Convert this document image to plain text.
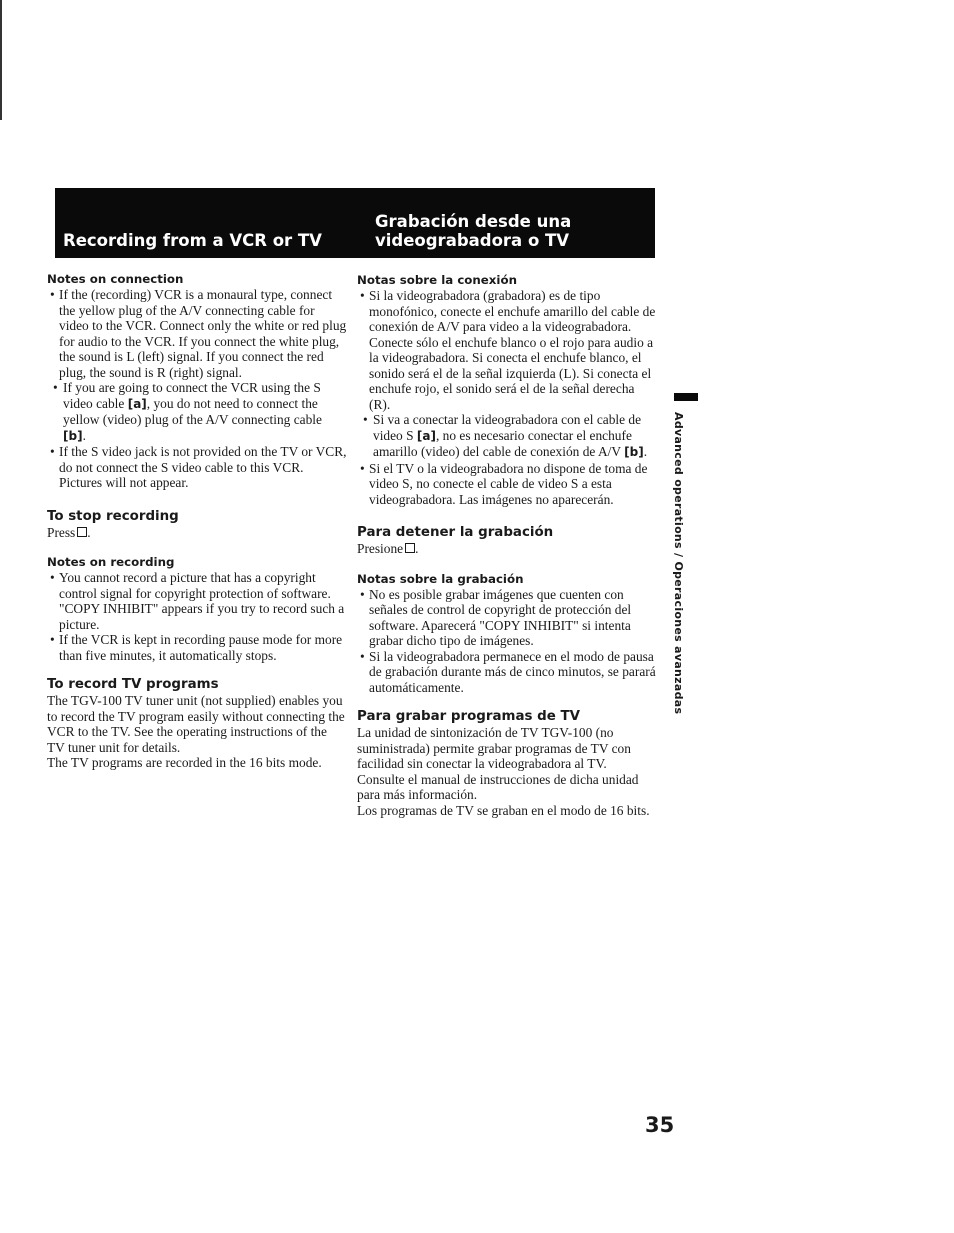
Recording from a VCR or TV
Grabación desde una
videograbadora o TV
Notes on connection
• If the (recording) VCR is a monaural type, connect the yellow plug of the A/V connecting cable for video to the VCR. Connect only the white or red plug for audio to the VCR. If you connect the white plug, the sound is L (left) signal. If you connect the red plug, the sound is R (right) signal.
• If you are going to connect the VCR using the S video cable [a], you do not need to connect the yellow (video) plug of the A/V connecting cable [b].
• If the S video jack is not provided on the TV or VCR, do not connect the S video cable to this VCR. Pictures will not appear.
To stop recording

Press .

Notes on recording
• You cannot record a picture that has a copyright control signal for copyright protection of software. "COPY INHIBIT" appears if you try to record such a picture.
• If the VCR is kept in recording pause mode for more than five minutes, it automatically stops.
To record TV programs

The TGV-100 TV tuner unit (not supplied) enables you to record the TV program easily without connecting the VCR to the TV. See the operating instructions of the TV tuner unit for details.

The TV programs are recorded in the 16 bits mode.

Notas sobre la conexión
• Si la videograbadora (grabadora) es de tipo monofónico, conecte el enchufe amarillo del cable de conexión de A/V para video a la videograbadora. Conecte sólo el enchufe blanco o el rojo para audio a la videograbadora. Si conecta el enchufe blanco, el sonido será el de la señal izquierda (L). Si conecta el enchufe rojo, el sonido será el de la señal derecha (R).
• Si va a conectar la videograbadora con el cable de video S [a], no es necesario conectar el enchufe amarillo (video) del cable de conexión de A/V [b].
• Si el TV o la videograbadora no dispone de toma de video S, no conecte el cable de video S a esta videograbadora. Las imágenes no aparecerán.
Para detener la grabación

Presione .

Notas sobre la grabación
• No es posible grabar imágenes que cuenten con señales de control de copyright de protección del software. Aparecerá "COPY INHIBIT" si intenta grabar dicho tipo de imágenes.
• Si la videograbadora permanece en el modo de pausa de grabación durante más de cinco minutos, se parará automáticamente.
Para grabar programas de TV

La unidad de sintonización de TV TGV-100 (no suministrada) permite grabar programas de TV con facilidad sin conectar la videograbadora al TV. Consulte el manual de instrucciones de dicha unidad para más información.

Los programas de TV se graban en el modo de 16 bits.

Advanced operations / Operaciones avanzadas
35
